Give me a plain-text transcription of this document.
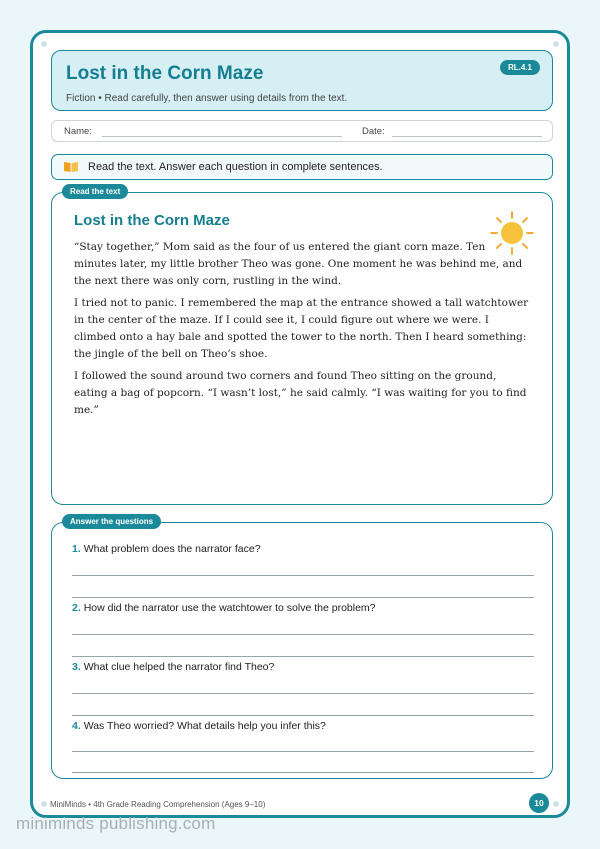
Lost in the Corn Maze
Fiction • Read carefully, then answer using details from the text.
RL.4.1
Name:	Date:
Read the text. Answer each question in complete sentences.
Read the text
Lost in the Corn Maze

“Stay together,” Mom said as the four of us entered the giant corn maze. Ten minutes later, my little brother Theo was gone. One moment he was behind me, and the next there was only corn, rustling in the wind.

I tried not to panic. I remembered the map at the entrance showed a tall watchtower in the center of the maze. If I could see it, I could figure out where we were. I climbed onto a hay bale and spotted the tower to the north. Then I heard something: the jingle of the bell on Theo’s shoe.

I followed the sound around two corners and found Theo sitting on the ground, eating a bag of popcorn. “I wasn’t lost,” he said calmly. “I was waiting for you to find me.”

Answer the questions
1. What problem does the narrator face?
2. How did the narrator use the watchtower to solve the problem?
3. What clue helped the narrator find Theo?
4. Was Theo worried? What details help you infer this?
MiniMinds • 4th Grade Reading Comprehension (Ages 9–10)	10
miniminds publishing.com
